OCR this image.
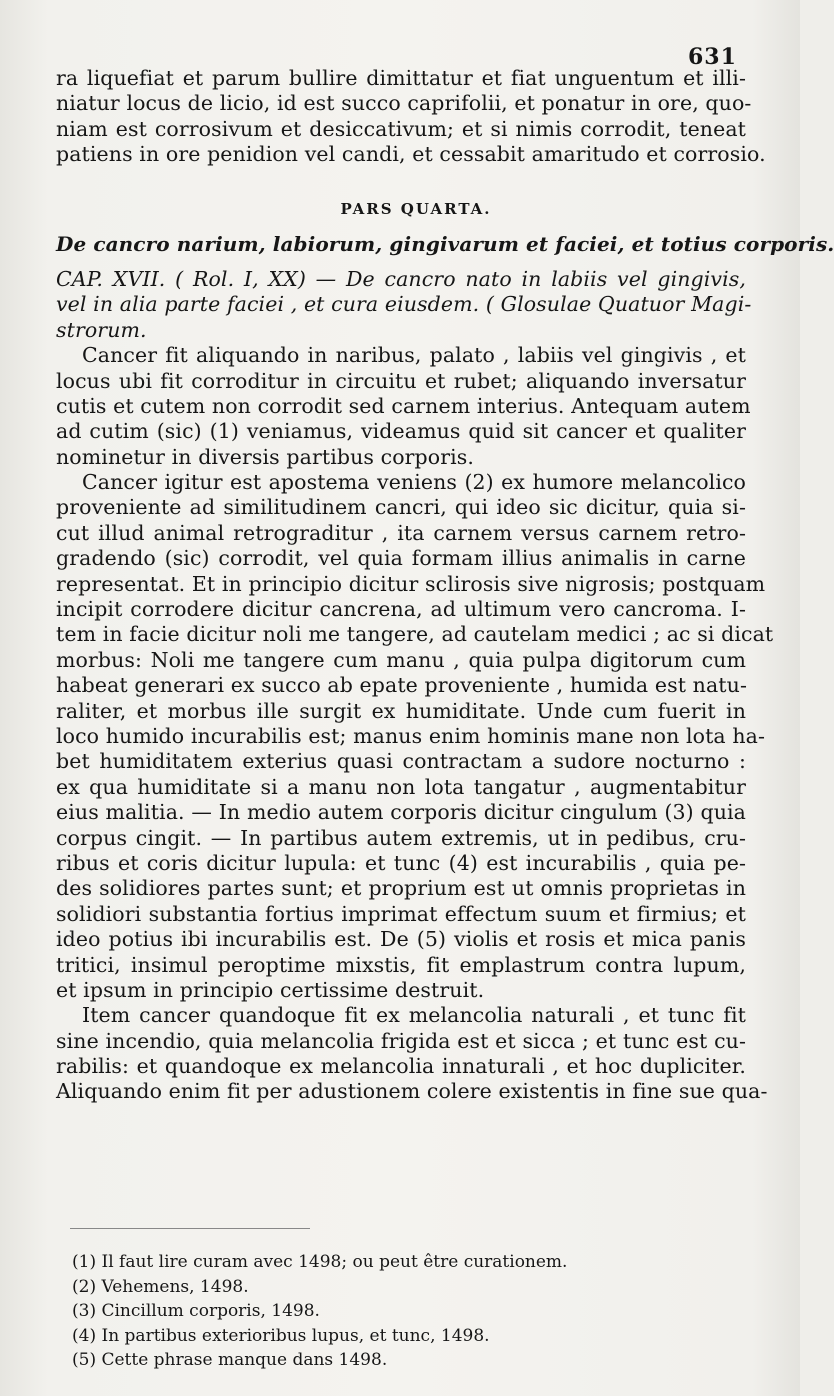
631
ra liquefiat et parum bullire dimittatur et fiat unguentum et illi-
niatur locus de licio, id est succo caprifolii, et ponatur in ore, quo-
niam est corrosivum et desiccativum; et si nimis corrodit, teneat
patiens in ore penidion vel candi, et cessabit amaritudo et corrosio.
PARS QUARTA.
De cancro narium, labiorum, gingivarum et faciei, et totius corporis.
CAP. XVII. ( Rol. I, XX) — De cancro nato in labiis vel gingivis,
vel in alia parte faciei , et cura eiusdem. ( Glosulae Quatuor Magi-
strorum.
Cancer fit aliquando in naribus, palato , labiis vel gingivis , et
locus ubi fit corroditur in circuitu et rubet; aliquando inversatur
cutis et cutem non corrodit sed carnem interius. Antequam autem
ad cutim (sic) (1) veniamus, videamus quid sit cancer et qualiter
nominetur in diversis partibus corporis.
Cancer igitur est apostema veniens (2) ex humore melancolico
proveniente ad similitudinem cancri, qui ideo sic dicitur, quia si-
cut illud animal retrograditur , ita carnem versus carnem retro-
gradendo (sic) corrodit, vel quia formam illius animalis in carne
representat. Et in principio dicitur sclirosis sive nigrosis; postquam
incipit corrodere dicitur cancrena, ad ultimum vero cancroma. I-
tem in facie dicitur noli me tangere, ad cautelam medici ; ac si dicat
morbus: Noli me tangere cum manu , quia pulpa digitorum cum
habeat generari ex succo ab epate proveniente , humida est natu-
raliter, et morbus ille surgit ex humiditate. Unde cum fuerit in
loco humido incurabilis est; manus enim hominis mane non lota ha-
bet humiditatem exterius quasi contractam a sudore nocturno :
ex qua humiditate si a manu non lota tangatur , augmentabitur
eius malitia. — In medio autem corporis dicitur cingulum (3) quia
corpus cingit. — In partibus autem extremis, ut in pedibus, cru-
ribus et coris dicitur lupula: et tunc (4) est incurabilis , quia pe-
des solidiores partes sunt; et proprium est ut omnis proprietas in
solidiori substantia fortius imprimat effectum suum et firmius; et
ideo potius ibi incurabilis est. De (5) violis et rosis et mica panis
tritici, insimul peroptime mixstis, fit emplastrum contra lupum,
et ipsum in principio certissime destruit.
Item cancer quandoque fit ex melancolia naturali , et tunc fit
sine incendio, quia melancolia frigida est et sicca ; et tunc est cu-
rabilis: et quandoque ex melancolia innaturali , et hoc dupliciter.
Aliquando enim fit per adustionem colere existentis in fine sue qua-
(1) Il faut lire curam avec 1498; ou peut être curationem.
(2) Vehemens, 1498.
(3) Cincillum corporis, 1498.
(4) In partibus exterioribus lupus, et tunc, 1498.
(5) Cette phrase manque dans 1498.
